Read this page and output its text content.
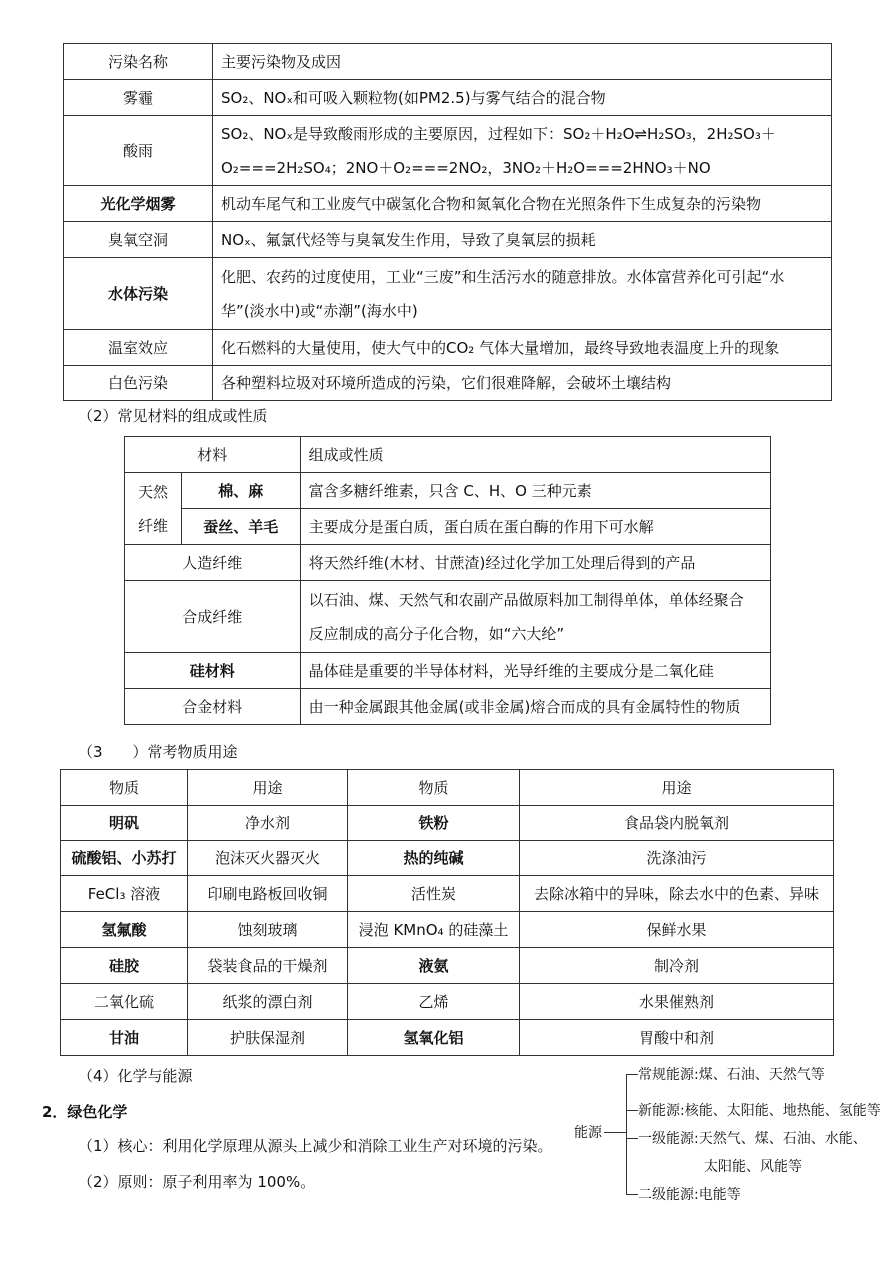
污染名称	主要污染物及成因
雾霾	SO₂、NOₓ和可吸入颗粒物(如PM2.5)与雾气结合的混合物
酸雨	SO₂、NOₓ是导致酸雨形成的主要原因，过程如下：SO₂＋H₂O⇌H₂SO₃，2H₂SO₃＋
O₂===2H₂SO₄；2NO＋O₂===2NO₂，3NO₂＋H₂O===2HNO₃＋NO

光化学烟雾	机动车尾气和工业废气中碳氢化合物和氮氧化合物在光照条件下生成复杂的污染物
臭氧空洞	NOₓ、氟氯代烃等与臭氧发生作用，导致了臭氧层的损耗
水体污染	化肥、农药的过度使用，工业“三废”和生活污水的随意排放。水体富营养化可引起“水
华”(淡水中)或“赤潮”(海水中)

温室效应	化石燃料的大量使用，使大气中的CO₂ 气体大量增加，最终导致地表温度上升的现象
白色污染	各种塑料垃圾对环境所造成的污染，它们很难降解，会破坏土壤结构
（2）常见材料的组成或性质
材料		组成或性质

天然
纤维	棉、麻	富含多糖纤维素，只含 C、H、O 三种元素
	蚕丝、羊毛	主要成分是蛋白质，蛋白质在蛋白酶的作用下可水解
人造纤维		将天然纤维(木材、甘蔗渣)经过化学加工处理后得到的产品
合成纤维		以石油、煤、天然气和农副产品做原料加工制得单体，单体经聚合
反应制成的高分子化合物，如“六大纶”

硅材料		晶体硅是重要的半导体材料，光导纤维的主要成分是二氧化硅
合金材料		由一种金属跟其他金属(或非金属)熔合而成的具有金属特性的物质
（3　　）常考物质用途
物质	用途	物质	用途
明矾	净水剂	铁粉	食品袋内脱氧剂
硫酸铝、小苏打	泡沫灭火器灭火	热的纯碱	洗涤油污
FeCl₃ 溶液	印刷电路板回收铜	活性炭	去除冰箱中的异味，除去水中的色素、异味
氢氟酸	蚀刻玻璃	浸泡 KMnO₄ 的硅藻土	保鲜水果
硅胶	袋装食品的干燥剂	液氨	制冷剂
二氧化硫	纸浆的漂白剂	乙烯	水果催熟剂
甘油	护肤保湿剂	氢氧化铝	胃酸中和剂
（4）化学与能源
2．绿色化学
（1）核心：利用化学原理从源头上减少和消除工业生产对环境的污染。
（2）原则：原子利用率为 100%。
能源
常规能源:煤、石油、天然气等
新能源:核能、太阳能、地热能、氢能等
一级能源:天然气、煤、石油、水能、
太阳能、风能等
二级能源:电能等
